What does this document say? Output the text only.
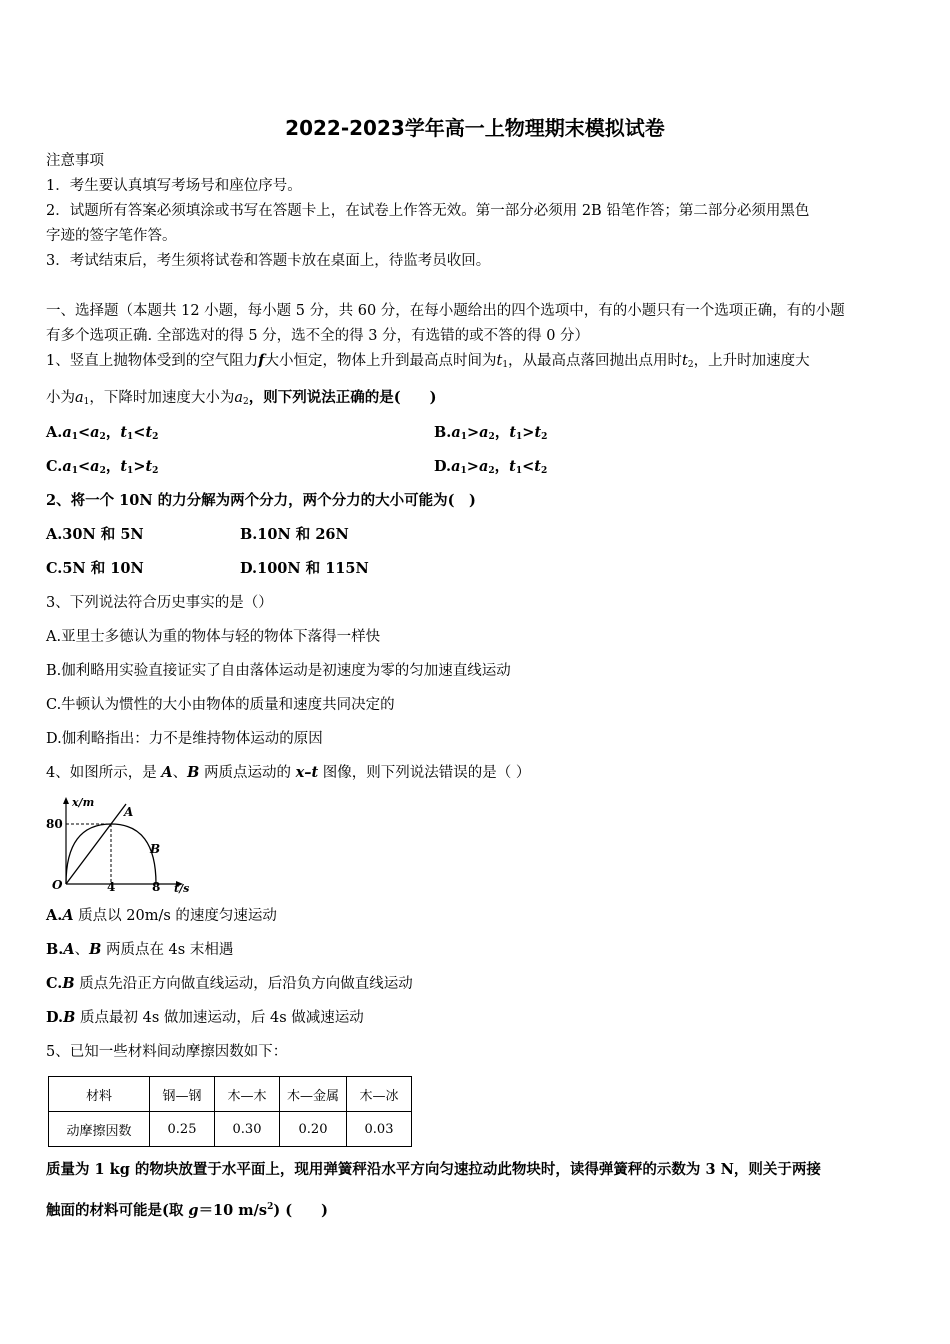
2022-2023学年高一上物理期末模拟试卷
注意事项
1．考生要认真填写考场号和座位序号。
2．试题所有答案必须填涂或书写在答题卡上，在试卷上作答无效。第一部分必须用 2B 铅笔作答；第二部分必须用黑色
字迹的签字笔作答。
3．考试结束后，考生须将试卷和答题卡放在桌面上，待监考员收回。
一、选择题（本题共 12 小题，每小题 5 分，共 60 分，在每小题给出的四个选项中，有的小题只有一个选项正确，有的小题
有多个选项正确. 全部选对的得 5 分，选不全的得 3 分，有选错的或不答的得 0 分）
1、竖直上抛物体受到的空气阻力f大小恒定，物体上升到最高点时间为$t_1$，从最高点落回抛出点用时$t_2$，上升时加速度大
小为$a_1$，下降时加速度大小为$a_2$，则下列说法正确的是(　　)
$A.a_1<a_2$，$t_1<t_2$	$B.a_1>a_2$，$t_1>t_2$
$C.a_1<a_2$，$t_1>t_2$	$D.a_1>a_2$，$t_1<t_2$
2、将一个 10N 的力分解为两个分力，两个分力的大小可能为(　)
A.30N 和 5N	B.10N 和 26N
C.5N 和 10N	D.100N 和 115N
3、下列说法符合历史事实的是（）
A.亚里士多德认为重的物体与轻的物体下落得一样快
B.伽利略用实验直接证实了自由落体运动是初速度为零的匀加速直线运动
C.牛顿认为惯性的大小由物体的质量和速度共同决定的
D.伽利略指出：力不是维持物体运动的原因
4、如图所示，是 A、B 两质点运动的 x–t 图像，则下列说法错误的是（ ）
x/m
80
O	4	8 t/s
A
B
A.A 质点以 20m/s 的速度匀速运动
B.A、B 两质点在 4s 末相遇
C.B 质点先沿正方向做直线运动，后沿负方向做直线运动
D.B 质点最初 4s 做加速运动，后 4s 做减速运动
5、已知一些材料间动摩擦因数如下：
材料	钢—钢	木—木	木—金属	木—冰
动摩擦因数	0.25	0.30	0.20	0.03
质量为 1 kg 的物块放置于水平面上，现用弹簧秤沿水平方向匀速拉动此物块时，读得弹簧秤的示数为 3 N，则关于两接
触面的材料可能是(取 g＝10 $m/s^2$) (　　)
